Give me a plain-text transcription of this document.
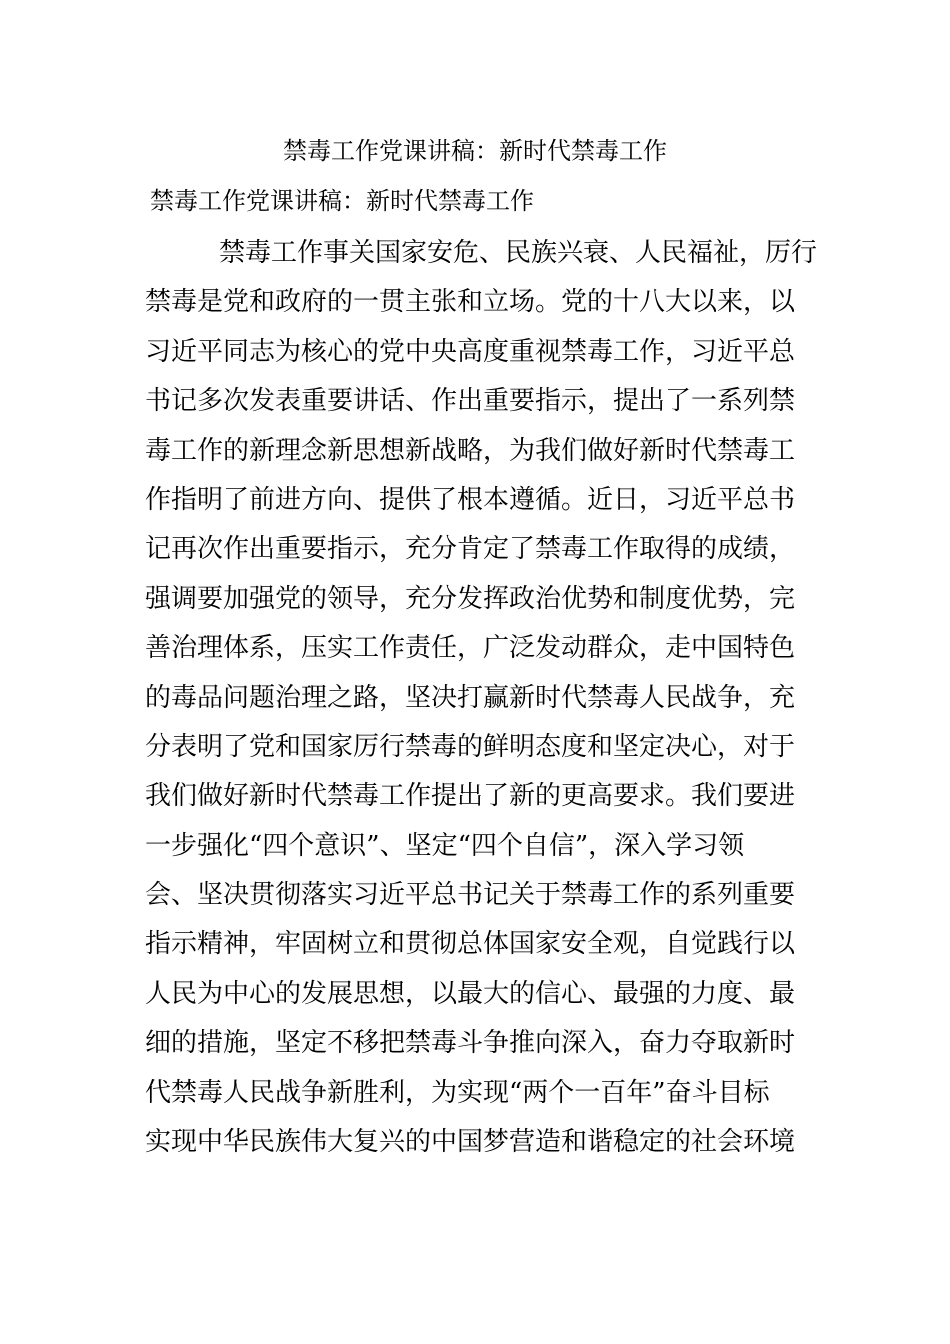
禁毒工作党课讲稿：新时代禁毒工作
禁毒工作党课讲稿：新时代禁毒工作
禁毒工作事关国家安危、民族兴衰、人民福祉，厉行
禁毒是党和政府的一贯主张和立场。党的十八大以来，以
习近平同志为核心的党中央高度重视禁毒工作，习近平总
书记多次发表重要讲话、作出重要指示，提出了一系列禁
毒工作的新理念新思想新战略，为我们做好新时代禁毒工
作指明了前进方向、提供了根本遵循。近日，习近平总书
记再次作出重要指示，充分肯定了禁毒工作取得的成绩，
强调要加强党的领导，充分发挥政治优势和制度优势，完
善治理体系，压实工作责任，广泛发动群众，走中国特色
的毒品问题治理之路，坚决打赢新时代禁毒人民战争，充
分表明了党和国家厉行禁毒的鲜明态度和坚定决心，对于
我们做好新时代禁毒工作提出了新的更高要求。我们要进
一步强化“四个意识”、坚定“四个自信”，深入学习领
会、坚决贯彻落实习近平总书记关于禁毒工作的系列重要
指示精神，牢固树立和贯彻总体国家安全观，自觉践行以
人民为中心的发展思想，以最大的信心、最强的力度、最
细的措施，坚定不移把禁毒斗争推向深入，奋力夺取新时
代禁毒人民战争新胜利，为实现“两个一百年”奋斗目标
实现中华民族伟大复兴的中国梦营造和谐稳定的社会环境
